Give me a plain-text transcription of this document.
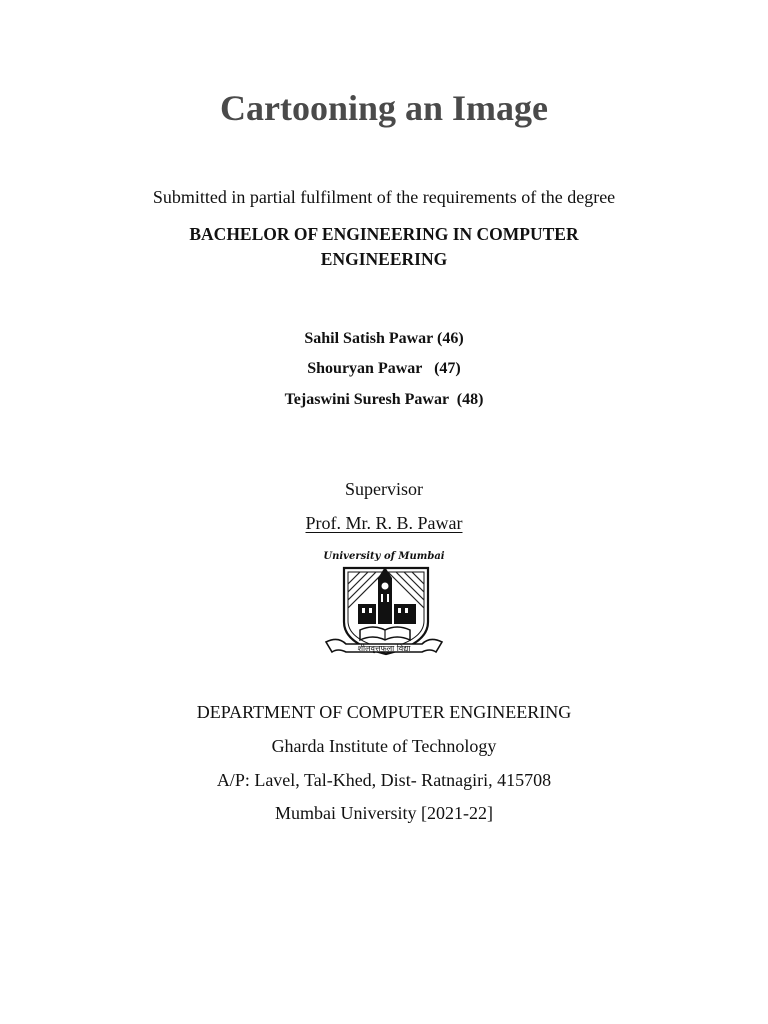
Cartooning an Image
Submitted in partial fulfilment of the requirements of the degree
BACHELOR OF ENGINEERING IN COMPUTER
ENGINEERING
Sahil Satish Pawar (46)
Shouryan Pawar (47)
Tejaswini Suresh Pawar (48)
Supervisor
Prof. Mr. R. B. Pawar
University of Mumbai
शीलवृत्तफला विद्या
DEPARTMENT OF COMPUTER ENGINEERING
Gharda Institute of Technology
A/P: Lavel, Tal-Khed, Dist- Ratnagiri, 415708
Mumbai University [2021-22]
